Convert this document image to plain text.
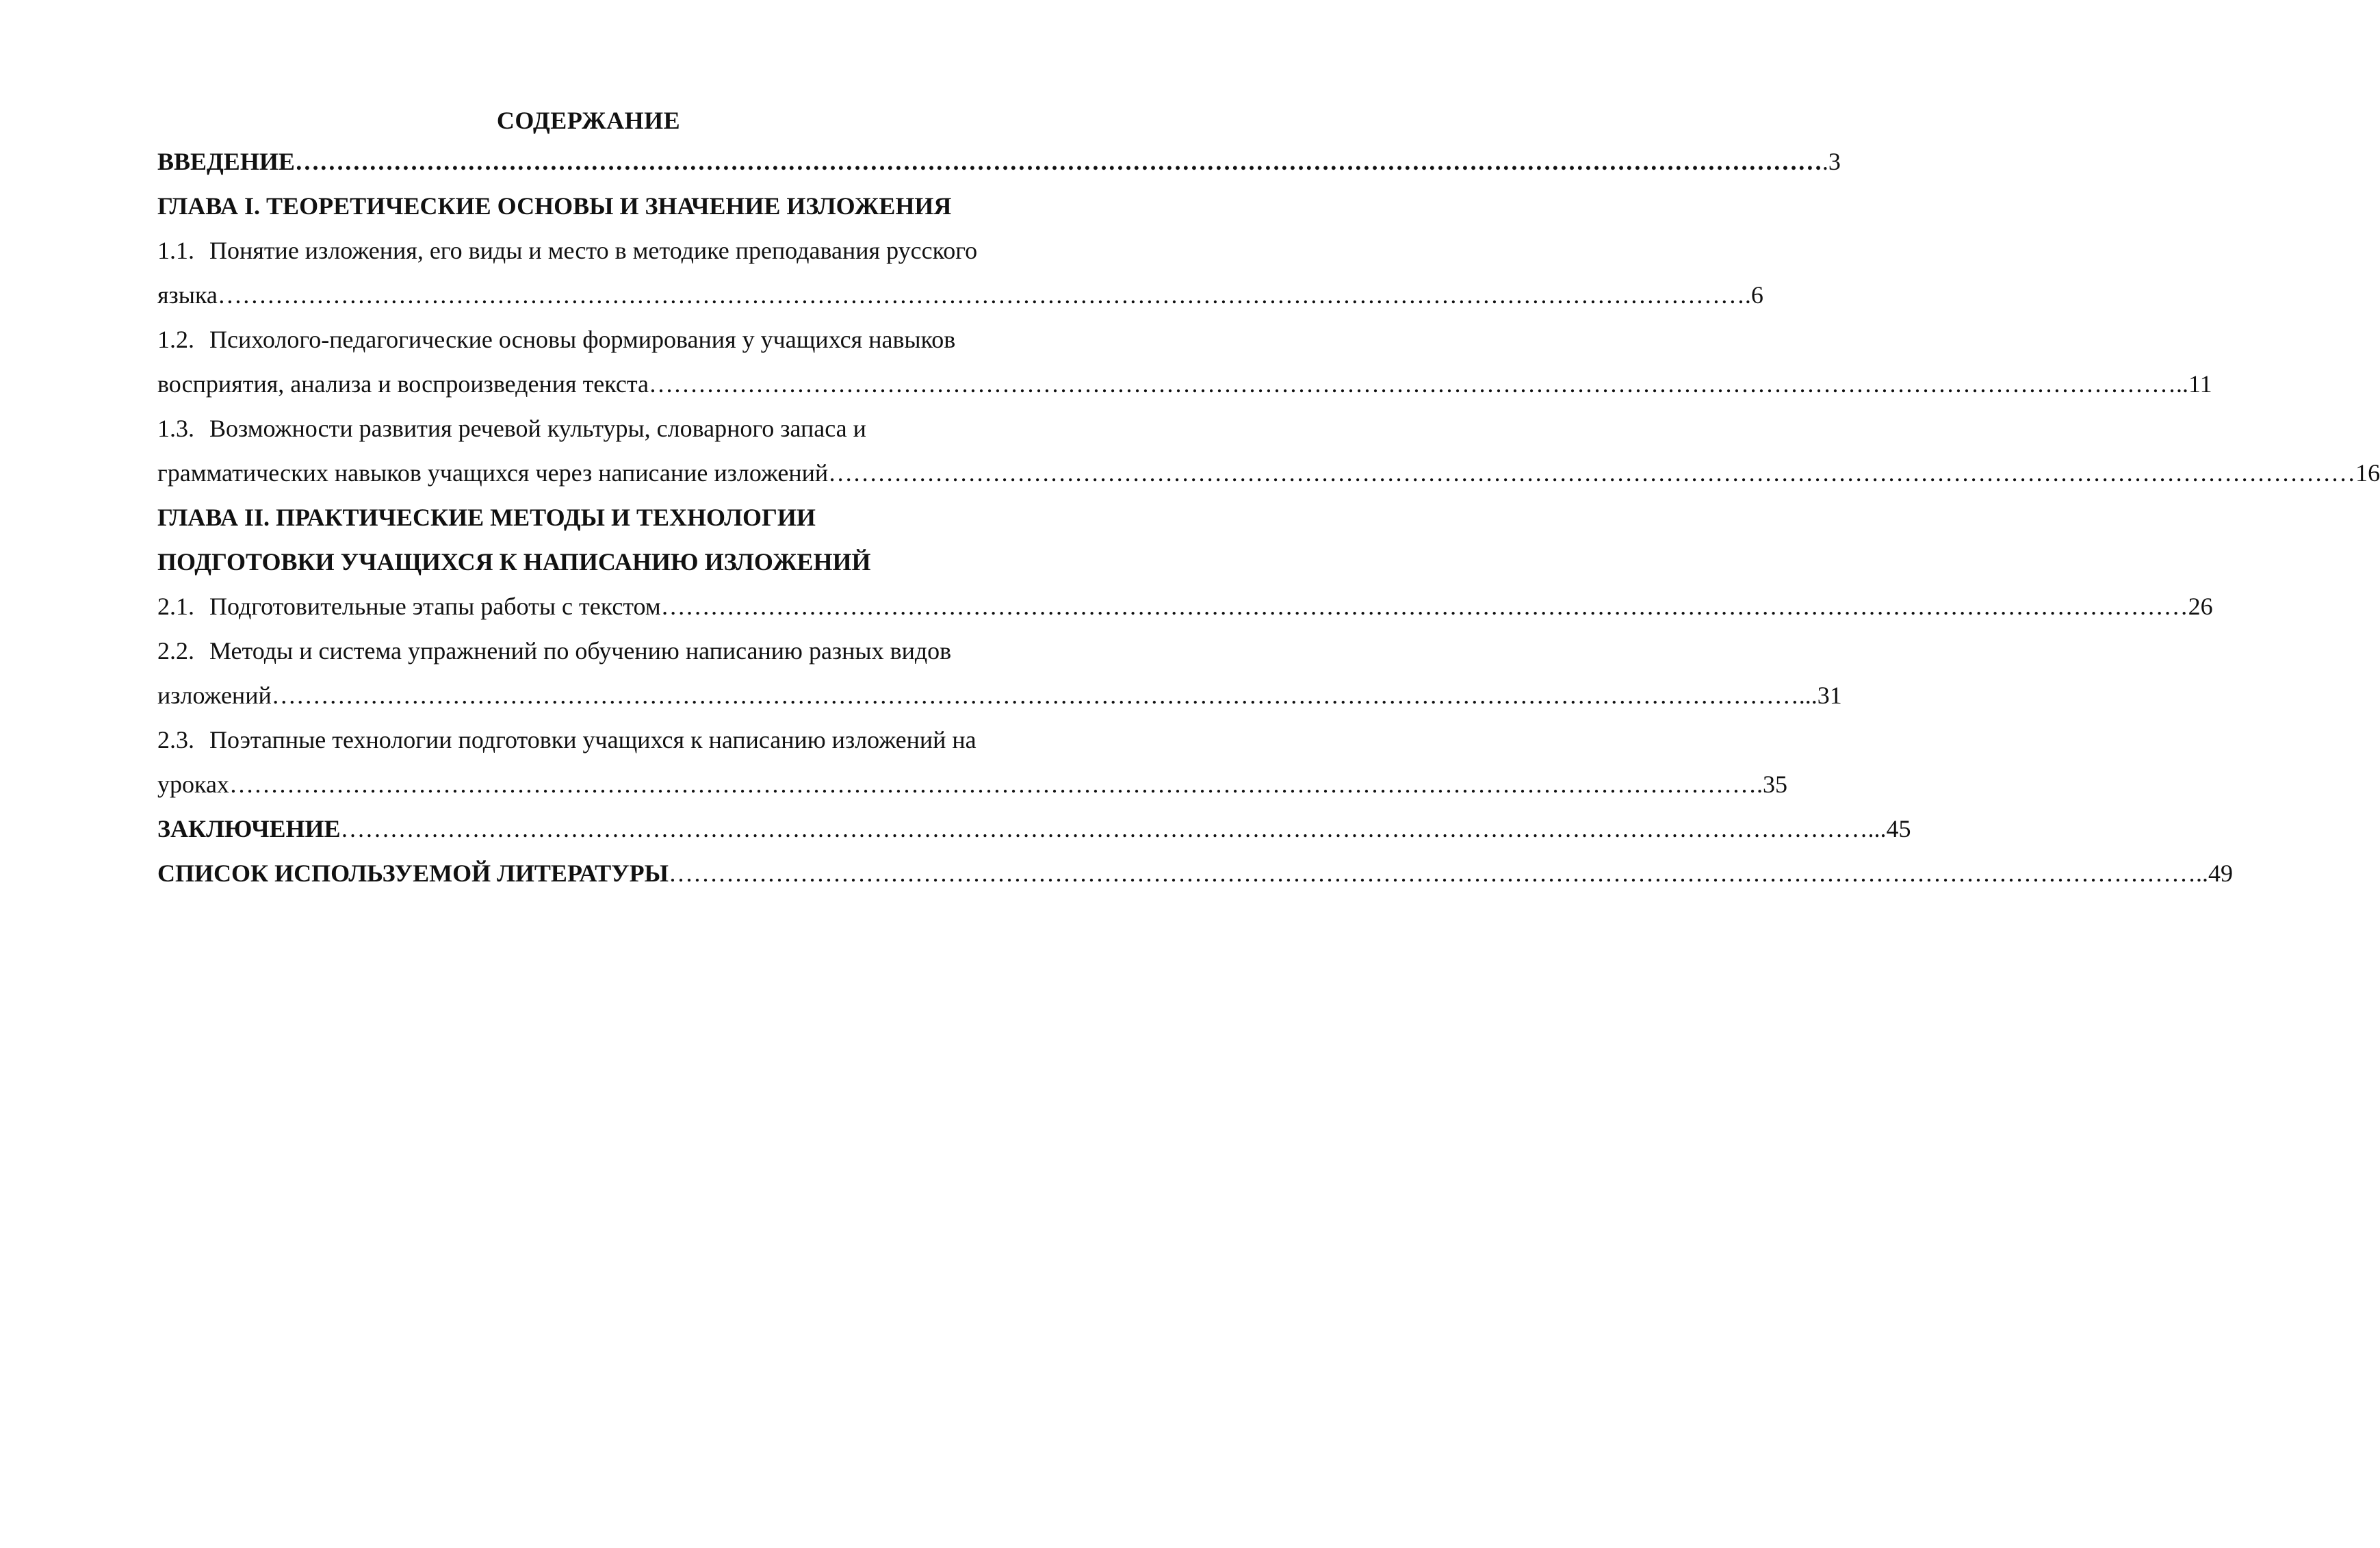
СОДЕРЖАНИЕ
ВВЕДЕНИЕ ……………………………………………………………………………………………………………………………………………………………………	.3
ГЛАВА I. ТЕОРЕТИЧЕСКИЕ ОСНОВЫ И ЗНАЧЕНИЕ ИЗЛОЖЕНИЯ
1.1. Понятие изложения, его виды и место в методике преподавания русского
языка ……………………………………………………………………………………………………………………………………………………………………	.6
1.2. Психолого-педагогические основы формирования у учащихся навыков
восприятия, анализа и воспроизведения текста ……………………………………………………………………………………………………………………………………………………………………	..11
1.3. Возможности развития речевой культуры, словарного запаса и
грамматических навыков учащихся через написание изложений ……………………………………………………………………………………………………………………………………………………………………	16
ГЛАВА II. ПРАКТИЧЕСКИЕ МЕТОДЫ И ТЕХНОЛОГИИ
ПОДГОТОВКИ УЧАЩИХСЯ К НАПИСАНИЮ ИЗЛОЖЕНИЙ
2.1. Подготовительные этапы работы с текстом ……………………………………………………………………………………………………………………………………………………………………	26
2.2. Методы и система упражнений по обучению написанию разных видов
изложений ……………………………………………………………………………………………………………………………………………………………………	...31
2.3. Поэтапные технологии подготовки учащихся к написанию изложений на
уроках ……………………………………………………………………………………………………………………………………………………………………	.35
ЗАКЛЮЧЕНИЕ ……………………………………………………………………………………………………………………………………………………………………	...45
СПИСОК ИСПОЛЬЗУЕМОЙ ЛИТЕРАТУРЫ ……………………………………………………………………………………………………………………………………………………………………	..49
